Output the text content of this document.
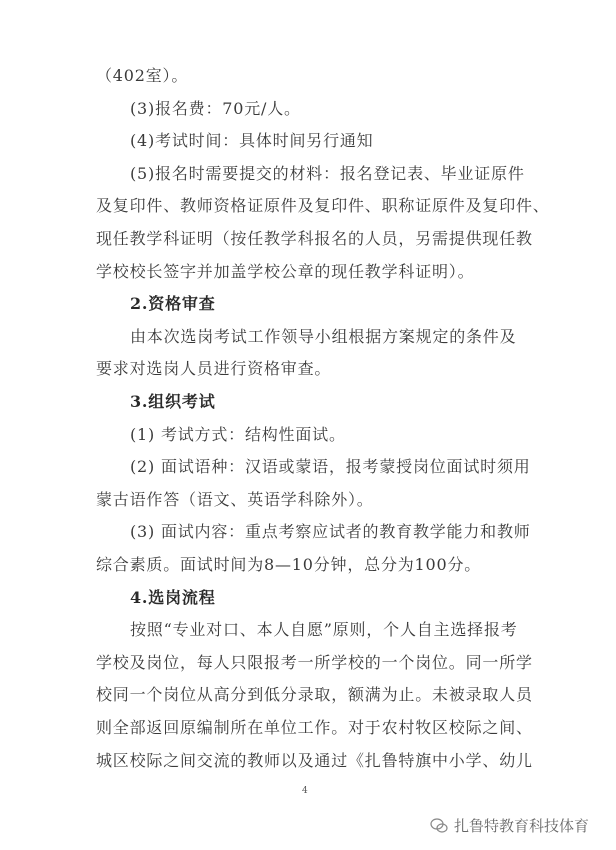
（402室）。
(3)报名费：70元/人。
(4)考试时间：具体时间另行通知
(5)报名时需要提交的材料：报名登记表、毕业证原件
及复印件、教师资格证原件及复印件、职称证原件及复印件、
现任教学科证明（按任教学科报名的人员，另需提供现任教
学校校长签字并加盖学校公章的现任教学科证明）。
2.资格审查
由本次选岗考试工作领导小组根据方案规定的条件及
要求对选岗人员进行资格审查。
3.组织考试
(1) 考试方式：结构性面试。
(2) 面试语种：汉语或蒙语，报考蒙授岗位面试时须用
蒙古语作答（语文、英语学科除外）。
(3) 面试内容：重点考察应试者的教育教学能力和教师
综合素质。面试时间为8—10分钟，总分为100分。
4.选岗流程
按照“专业对口、本人自愿”原则，个人自主选择报考
学校及岗位，每人只限报考一所学校的一个岗位。同一所学
校同一个岗位从高分到低分录取，额满为止。未被录取人员
则全部返回原编制所在单位工作。对于农村牧区校际之间、
城区校际之间交流的教师以及通过《扎鲁特旗中小学、幼儿
4
扎鲁特教育科技体育
